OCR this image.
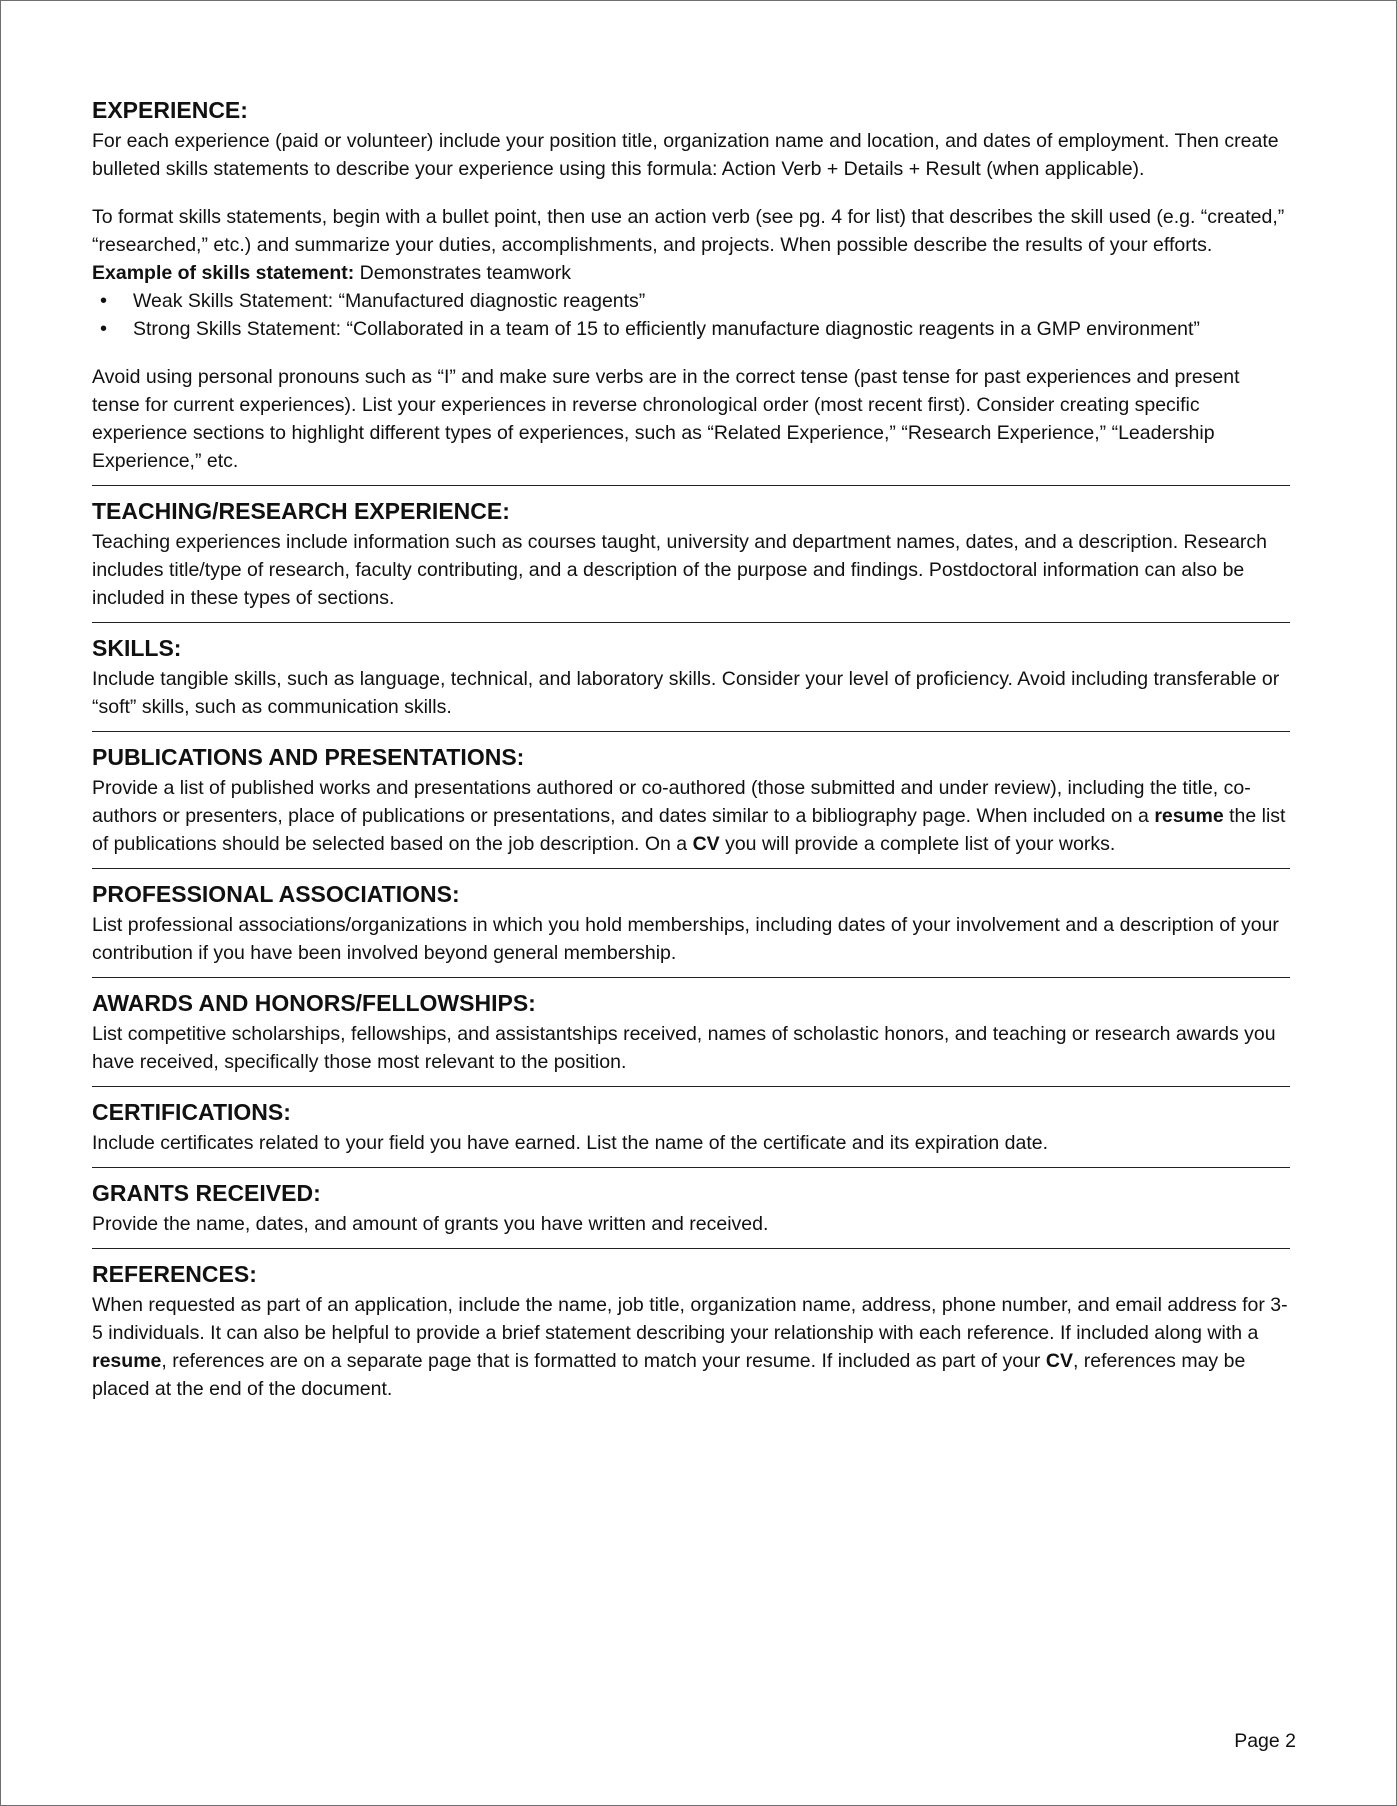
EXPERIENCE:

For each experience (paid or volunteer) include your position title, organization name and location, and dates of employment. Then create bulleted skills statements to describe your experience using this formula: Action Verb + Details + Result (when applicable).

To format skills statements, begin with a bullet point, then use an action verb (see pg. 4 for list) that describes the skill used (e.g. “created,” “researched,” etc.) and summarize your duties, accomplishments, and projects. When possible describe the results of your efforts.

Example of skills statement: Demonstrates teamwork

• Weak Skills Statement: “Manufactured diagnostic reagents”
• Strong Skills Statement: “Collaborated in a team of 15 to efficiently manufacture diagnostic reagents in a GMP environment”

Avoid using personal pronouns such as “I” and make sure verbs are in the correct tense (past tense for past experiences and present tense for current experiences). List your experiences in reverse chronological order (most recent first). Consider creating specific experience sections to highlight different types of experiences, such as “Related Experience,” “Research Experience,” “Leadership Experience,” etc.

TEACHING/RESEARCH EXPERIENCE:

Teaching experiences include information such as courses taught, university and department names, dates, and a description. Research includes title/type of research, faculty contributing, and a description of the purpose and findings. Postdoctoral information can also be included in these types of sections.

SKILLS:

Include tangible skills, such as language, technical, and laboratory skills. Consider your level of proficiency. Avoid including transferable or “soft” skills, such as communication skills.

PUBLICATIONS AND PRESENTATIONS:

Provide a list of published works and presentations authored or co-authored (those submitted and under review), including the title, co-authors or presenters, place of publications or presentations, and dates similar to a bibliography page. When included on a resume the list of publications should be selected based on the job description. On a CV you will provide a complete list of your works.

PROFESSIONAL ASSOCIATIONS:

List professional associations/organizations in which you hold memberships, including dates of your involvement and a description of your contribution if you have been involved beyond general membership.

AWARDS AND HONORS/FELLOWSHIPS:

List competitive scholarships, fellowships, and assistantships received, names of scholastic honors, and teaching or research awards you have received, specifically those most relevant to the position.

CERTIFICATIONS:

Include certificates related to your field you have earned. List the name of the certificate and its expiration date.

GRANTS RECEIVED:

Provide the name, dates, and amount of grants you have written and received.

REFERENCES:

When requested as part of an application, include the name, job title, organization name, address, phone number, and email address for 3-5 individuals. It can also be helpful to provide a brief statement describing your relationship with each reference. If included along with a resume, references are on a separate page that is formatted to match your resume. If included as part of your CV, references may be placed at the end of the document.

Page 2
